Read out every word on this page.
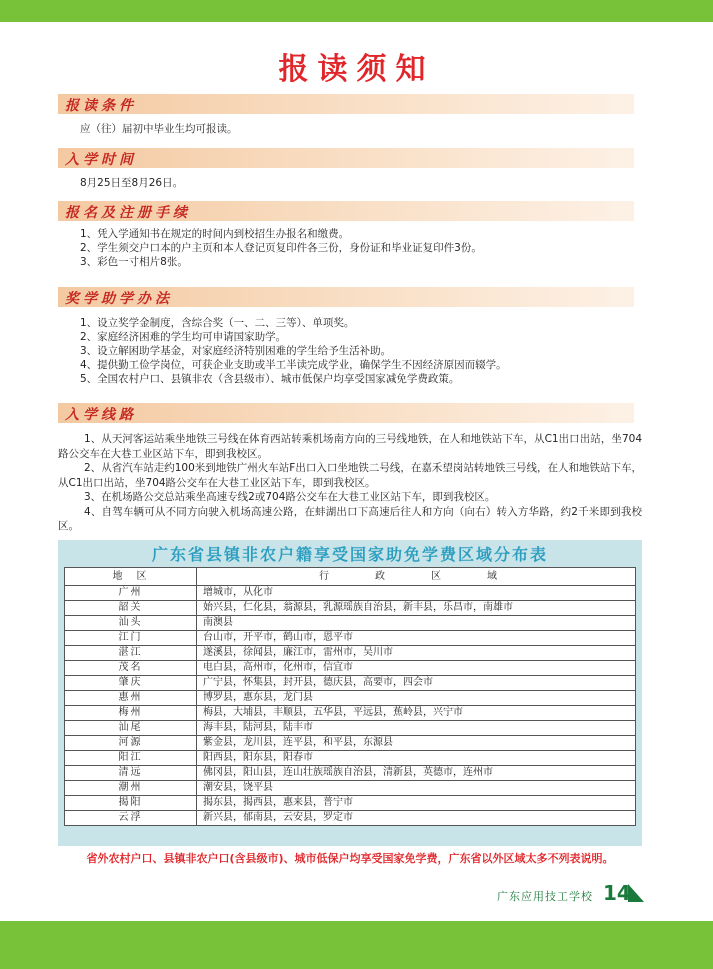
报读须知
报读条件

应（往）届初中毕业生均可报读。

入学时间

8月25日至8月26日。

报名及注册手续
1、凭入学通知书在规定的时间内到校招生办报名和缴费。
2、学生须交户口本的户主页和本人登记页复印件各三份，身份证和毕业证复印件3份。
3、彩色一寸相片8张。
奖学助学办法
1、设立奖学金制度，含综合奖（一、二、三等）、单项奖。
2、家庭经济困难的学生均可申请国家助学。
3、设立解困助学基金，对家庭经济特别困难的学生给予生活补助。
4、提供勤工俭学岗位，可获企业支助或半工半读完成学业，确保学生不因经济原因而辍学。
5、全国农村户口、县镇非农（含县级市）、城市低保户均享受国家减免学费政策。
入学线路
1、从天河客运站乘坐地铁三号线在体育西站转乘机场南方向的三号线地铁，在人和地铁站下车，从C1出口出站，坐704路公交车在大巷工业区站下车，即到我校区。
2、从省汽车站走约100米到地铁广州火车站F出口入口坐地铁二号线，在嘉禾望岗站转地铁三号线，在人和地铁站下车，从C1出口出站，坐704路公交车在大巷工业区站下车，即到我校区。
3、在机场路公交总站乘坐高速专线2或704路公交车在大巷工业区站下车，即到我校区。
4、自驾车辆可从不同方向驶入机场高速公路，在蚌湖出口下高速后往人和方向（向右）转入方华路，约2千米即到我校区。

广东省县镇非农户籍享受国家助免学费区域分布表

地　区	行　政　区　域
广州	增城市，从化市
韶关	始兴县，仁化县，翁源县，乳源瑶族自治县，新丰县，乐昌市，南雄市
汕头	南澳县
江门	台山市，开平市，鹤山市，恩平市
湛江	遂溪县，徐闻县，廉江市，雷州市，吴川市
茂名	电白县，高州市，化州市，信宜市
肇庆	广宁县，怀集县，封开县，德庆县，高要市，四会市
惠州	博罗县，惠东县，龙门县
梅州	梅县，大埔县，丰顺县，五华县，平远县，蕉岭县，兴宁市
汕尾	海丰县，陆河县，陆丰市
河源	紫金县，龙川县，连平县，和平县，东源县
阳江	阳西县，阳东县，阳春市
清远	佛冈县，阳山县，连山壮族瑶族自治县，清新县，英德市，连州市
潮州	潮安县，饶平县
揭阳	揭东县，揭西县，惠来县，普宁市
云浮	新兴县，郁南县，云安县，罗定市

省外农村户口、县镇非农户口(含县级市)、城市低保户均享受国家免学费，广东省以外区域太多不列表说明。

广东应用技工学校 14
